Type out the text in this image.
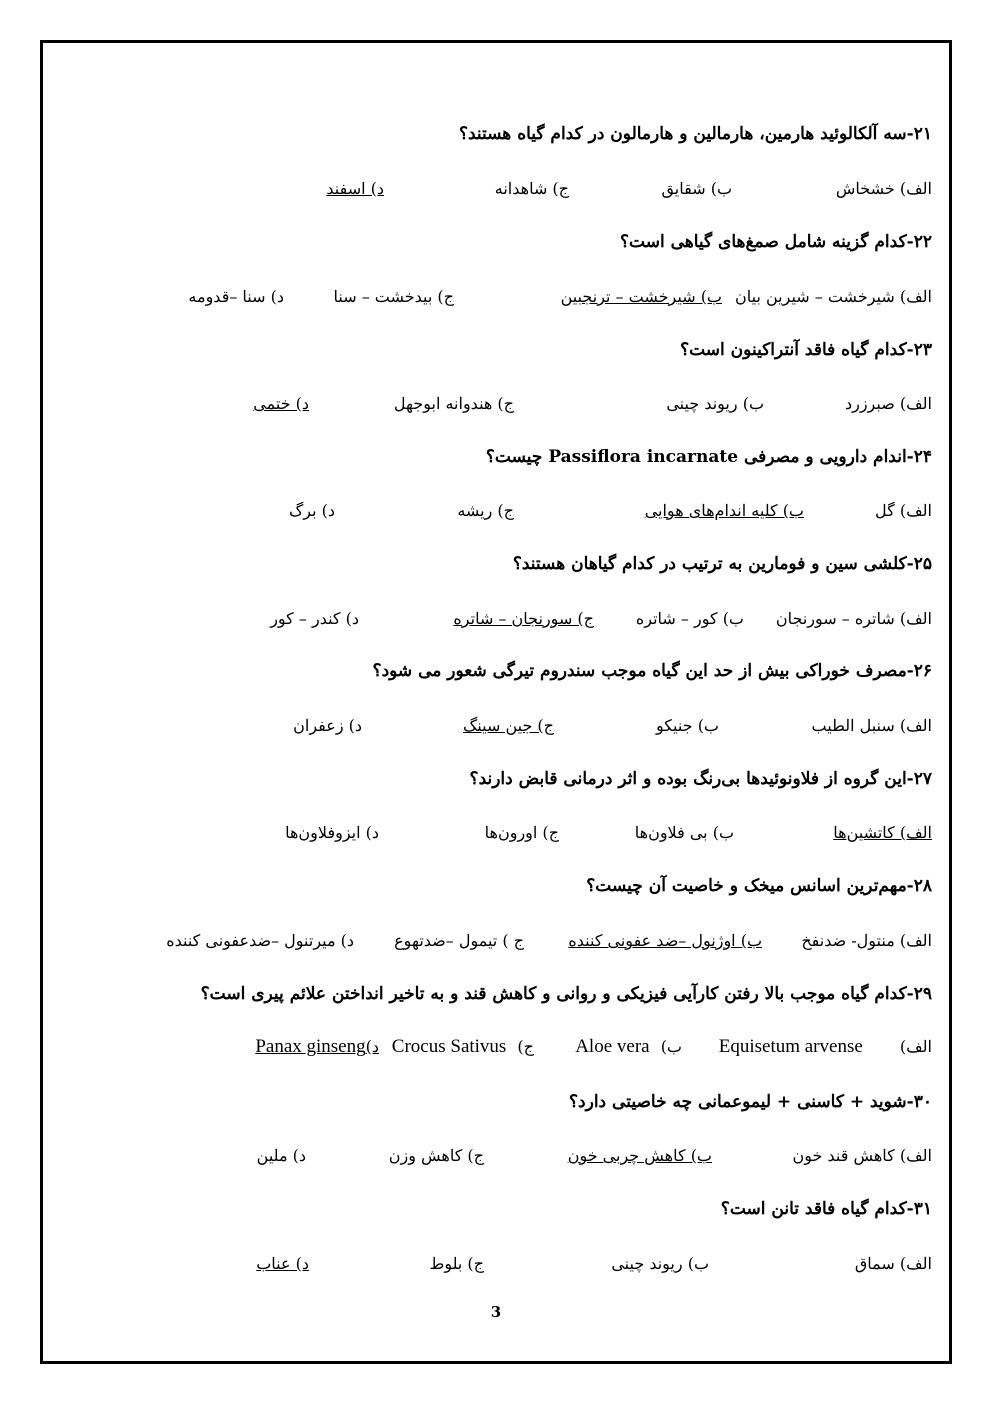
۲۱-سه آلکالوئید هارمین، هارمالین و هارمالون در کدام گیاه هستند؟
الف) خشخاش
ب) شقایق
ج) شاهدانه
د) اسفند
۲۲-کدام گزینه شامل صمغ‌های گیاهی است؟
الف) شیرخشت – شیرین بیان
ب) شیرخشت – ترنجبین
ج) بیدخشت – سنا
د) سنا –قدومه
۲۳-کدام گیاه فاقد آنتراکینون است؟
الف) صبرزرد
ب) ریوند چینی
ج) هندوانه ابوجهل
د) ختمی
۲۴-اندام دارویی و مصرفی Passiflora incarnate چیست؟
الف) گل
ب) کلیه اندام‌های هوایی
ج) ریشه
د) برگ
۲۵-کلشی سین و فومارین به ترتیب در کدام گیاهان هستند؟
الف) شاتره – سورنجان
ب) کور – شاتره
ج) سورنجان – شاتره
د) کندر – کور
۲۶-مصرف خوراکی بیش از حد این گیاه موجب سندروم تیرگی شعور می شود؟
الف) سنبل الطیب
ب) جنیکو
ج) جین سینگ
د) زعفران
۲۷-این گروه از فلاونوئیدها بی‌رنگ بوده و اثر درمانی قابض دارند؟
الف) کاتشین‌ها
ب) بی فلاون‌ها
ج) اورون‌ها
د) ایزوفلاون‌ها
۲۸-مهم‌ترین اسانس میخک و خاصیت آن چیست؟
الف) منتول- ضدنفخ
ب) اوژنول –ضد عفونی کننده
ج ) تیمول –ضدتهوع
د) میرتنول –ضدعفونی کننده
۲۹-کدام گیاه موجب بالا رفتن کارآیی فیزیکی و روانی و کاهش قند و به تاخیر انداختن علائم پیری است؟
الف) Equisetum arvense
ب) Aloe vera
ج) Crocus Sativus
د)Panax ginseng
۳۰-شوید + کاسنی + لیموعمانی چه خاصیتی دارد؟
الف) کاهش قند خون
ب) کاهش چربی خون
ج) کاهش وزن
د) ملین
۳۱-کدام گیاه فاقد تانن است؟
الف) سماق
ب) ریوند چینی
ج) بلوط
د) عناب
3
